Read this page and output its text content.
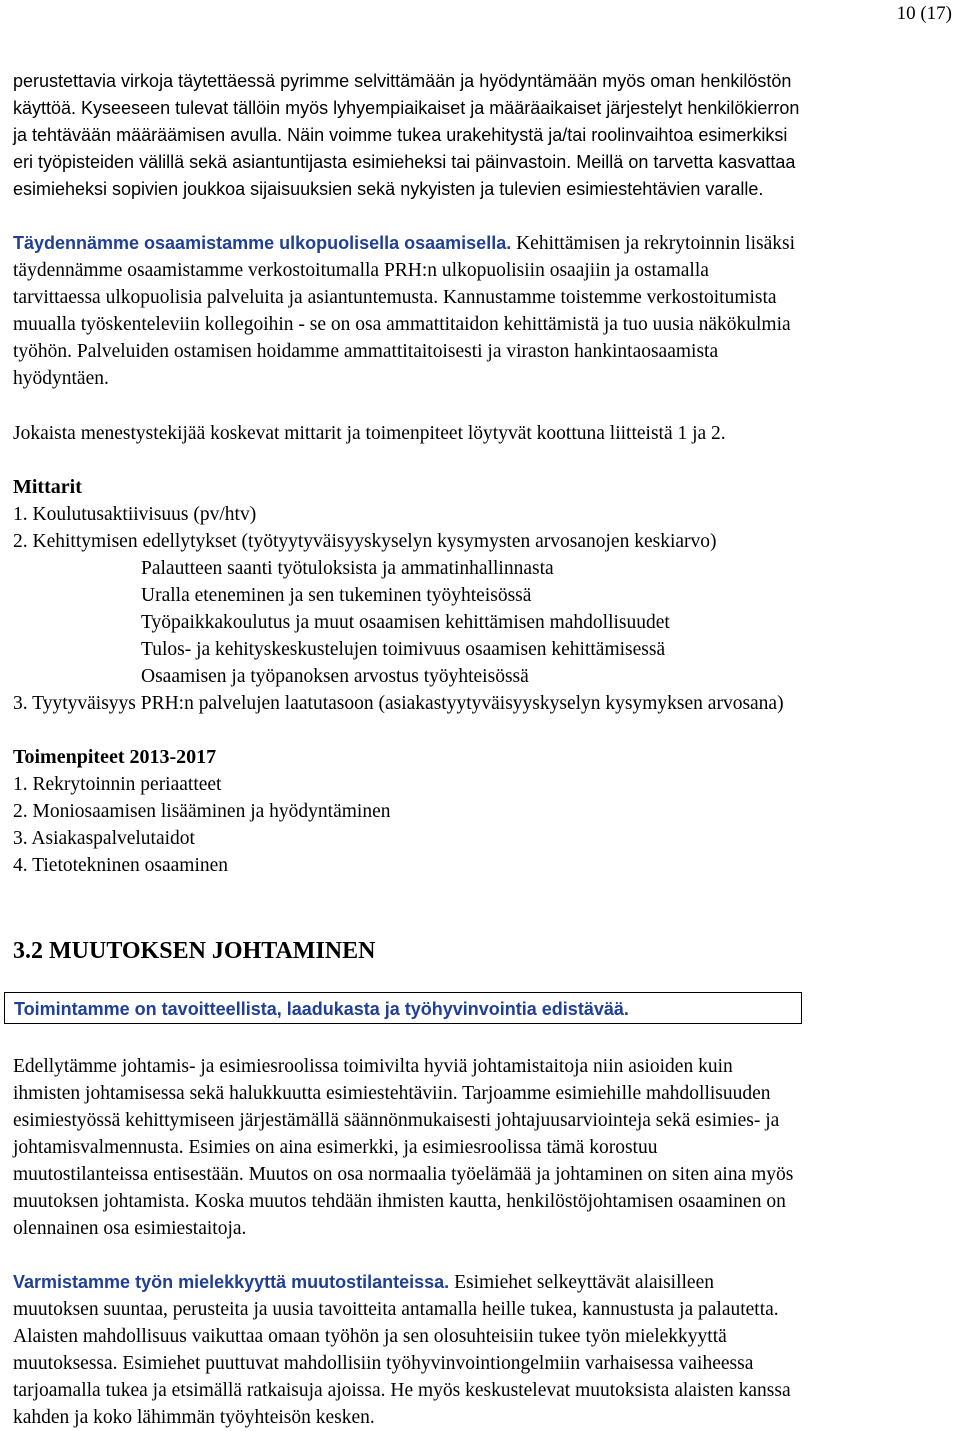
10 (17)
perustettavia virkoja täytettäessä pyrimme selvittämään ja hyödyntämään myös oman henkilöstön
käyttöä. Kyseeseen tulevat tällöin myös lyhyempiaikaiset ja määräaikaiset järjestelyt henkilökierron
ja tehtävään määräämisen avulla. Näin voimme tukea urakehitystä ja/tai roolinvaihtoa esimerkiksi
eri työpisteiden välillä sekä asiantuntijasta esimieheksi tai päinvastoin. Meillä on tarvetta kasvattaa
esimieheksi sopivien joukkoa sijaisuuksien sekä nykyisten ja tulevien esimiestehtävien varalle.
Täydennämme osaamistamme ulkopuolisella osaamisella. Kehittämisen ja rekrytoinnin lisäksi
täydennämme osaamistamme verkostoitumalla PRH:n ulkopuolisiin osaajiin ja ostamalla
tarvittaessa ulkopuolisia palveluita ja asiantuntemusta. Kannustamme toistemme verkostoitumista
muualla työskenteleviin kollegoihin - se on osa ammattitaidon kehittämistä ja tuo uusia näkökulmia
työhön. Palveluiden ostamisen hoidamme ammattitaitoisesti ja viraston hankintaosaamista
hyödyntäen.
Jokaista menestystekijää koskevat mittarit ja toimenpiteet löytyvät koottuna liitteistä 1 ja 2.
Mittarit
1. Koulutusaktiivisuus (pv/htv)
2. Kehittymisen edellytykset (työtyytyväisyyskyselyn kysymysten arvosanojen keskiarvo)
Palautteen saanti työtuloksista ja ammatinhallinnasta
Uralla eteneminen ja sen tukeminen työyhteisössä
Työpaikkakoulutus ja muut osaamisen kehittämisen mahdollisuudet
Tulos- ja kehityskeskustelujen toimivuus osaamisen kehittämisessä
Osaamisen ja työpanoksen arvostus työyhteisössä
3. Tyytyväisyys PRH:n palvelujen laatutasoon (asiakastyytyväisyyskyselyn kysymyksen arvosana)
Toimenpiteet 2013-2017
1. Rekrytoinnin periaatteet
2. Moniosaamisen lisääminen ja hyödyntäminen
3. Asiakaspalvelutaidot
4. Tietotekninen osaaminen
3.2 MUUTOKSEN JOHTAMINEN
Toimintamme on tavoitteellista, laadukasta ja työhyvinvointia edistävää.
Edellytämme johtamis- ja esimiesroolissa toimivilta hyviä johtamistaitoja niin asioiden kuin
ihmisten johtamisessa sekä halukkuutta esimiestehtäviin. Tarjoamme esimiehille mahdollisuuden
esimiestyössä kehittymiseen järjestämällä säännönmukaisesti johtajuusarviointeja sekä esimies- ja
johtamisvalmennusta. Esimies on aina esimerkki, ja esimiesroolissa tämä korostuu
muutostilanteissa entisestään. Muutos on osa normaalia työelämää ja johtaminen on siten aina myös
muutoksen johtamista. Koska muutos tehdään ihmisten kautta, henkilöstöjohtamisen osaaminen on
olennainen osa esimiestaitoja.
Varmistamme työn mielekkyyttä muutostilanteissa. Esimiehet selkeyttävät alaisilleen
muutoksen suuntaa, perusteita ja uusia tavoitteita antamalla heille tukea, kannustusta ja palautetta.
Alaisten mahdollisuus vaikuttaa omaan työhön ja sen olosuhteisiin tukee työn mielekkyyttä
muutoksessa. Esimiehet puuttuvat mahdollisiin työhyvinvointiongelmiin varhaisessa vaiheessa
tarjoamalla tukea ja etsimällä ratkaisuja ajoissa. He myös keskustelevat muutoksista alaisten kanssa
kahden ja koko lähimmän työyhteisön kesken.
